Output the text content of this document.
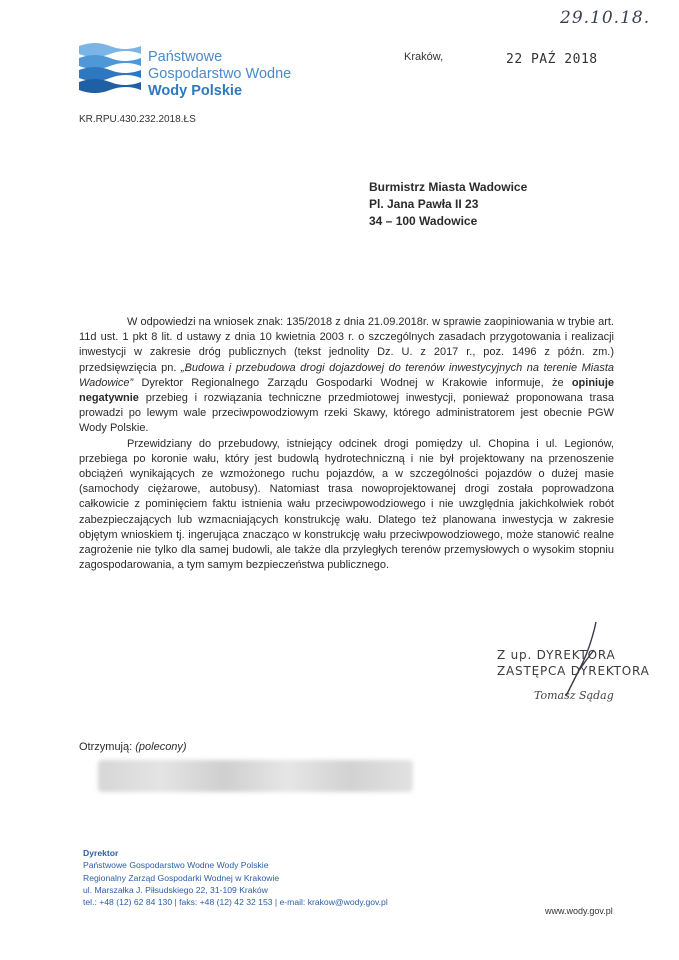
29.10.18.
Państwowe
Gospodarstwo Wodne
Wody Polskie
Kraków,	22 PAŹ 2018
KR.RPU.430.232.2018.ŁS
Burmistrz Miasta Wadowice
Pl. Jana Pawła II 23
34 – 100 Wadowice

W odpowiedzi na wniosek znak: 135/2018 z dnia 21.09.2018r. w sprawie zaopiniowania w trybie art. 11d ust. 1 pkt 8 lit. d ustawy z dnia 10 kwietnia 2003 r. o szczególnych zasadach przygotowania i realizacji inwestycji w zakresie dróg publicznych (tekst jednolity Dz. U. z 2017 r., poz. 1496 z późn. zm.) przedsięwzięcia pn. „Budowa i przebudowa drogi dojazdowej do terenów inwestycyjnych na terenie Miasta Wadowice” Dyrektor Regionalnego Zarządu Gospodarki Wodnej w Krakowie informuje, że opiniuje negatywnie przebieg i rozwiązania techniczne przedmiotowej inwestycji, ponieważ proponowana trasa prowadzi po lewym wale przeciwpowodziowym rzeki Skawy, którego administratorem jest obecnie PGW Wody Polskie.

Przewidziany do przebudowy, istniejący odcinek drogi pomiędzy ul. Chopina i ul. Legionów, przebiega po koronie wału, który jest budowlą hydrotechniczną i nie był projektowany na przenoszenie obciążeń wynikających ze wzmożonego ruchu pojazdów, a w szczególności pojazdów o dużej masie (samochody ciężarowe, autobusy). Natomiast trasa nowoprojektowanej drogi została poprowadzona całkowicie z pominięciem faktu istnienia wału przeciwpowodziowego i nie uwzględnia jakichkolwiek robót zabezpieczających lub wzmacniających konstrukcję wału. Dlatego też planowana inwestycja w zakresie objętym wnioskiem tj. ingerująca znacząco w konstrukcję wału przeciwpowodziowego, może stanowić realne zagrożenie nie tylko dla samej budowli, ale także dla przyległych terenów przemysłowych o wysokim stopniu zagospodarowania, a tym samym bezpieczeństwa publicznego.

Z up. DYREKTORA
ZASTĘPCA DYREKTORA
Tomasz Sądag
Otrzymują: (polecony)
Dyrektor
Państwowe Gospodarstwo Wodne Wody Polskie
Regionalny Zarząd Gospodarki Wodnej w Krakowie
ul. Marszałka J. Piłsudskiego 22, 31-109 Kraków
tel.: +48 (12) 62 84 130 | faks: +48 (12) 42 32 153 | e-mail: krakow@wody.gov.pl
www.wody.gov.pl
